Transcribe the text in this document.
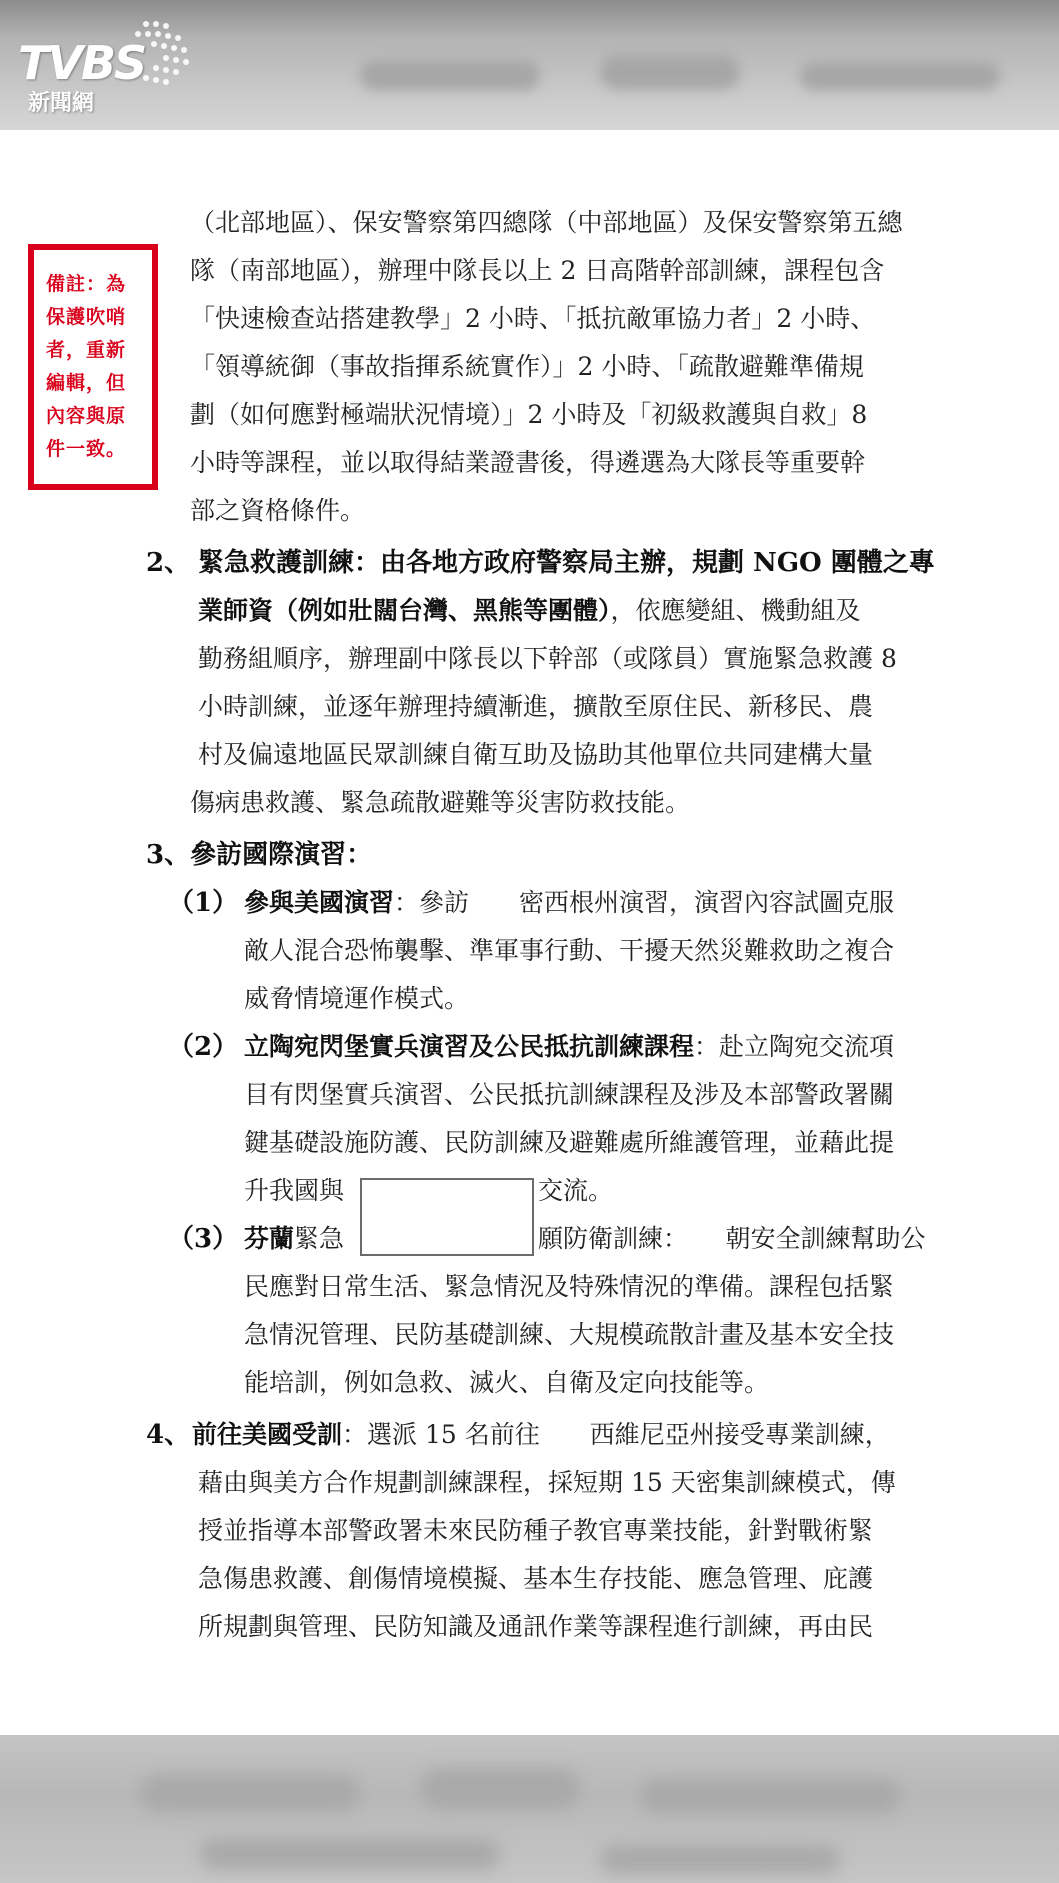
TVBS
新聞網
備註：為
保護吹哨
者，重新
編輯，但
內容與原
件一致。
（北部地區）、保安警察第四總隊（中部地區）及保安警察第五總
隊（南部地區），辦理中隊長以上 2 日高階幹部訓練，課程包含
「快速檢查站搭建教學」2 小時、「抵抗敵軍協力者」2 小時、
「領導統御（事故指揮系統實作）」2 小時、「疏散避難準備規
劃（如何應對極端狀況情境）」2 小時及「初級救護與自救」8
小時等課程，並以取得結業證書後，得遴選為大隊長等重要幹
部之資格條件。
2、 緊急救護訓練：由各地方政府警察局主辦，規劃 NGO 團體之專
業師資（例如壯闊台灣、黑熊等團體），依應變組、機動組及
勤務組順序，辦理副中隊長以下幹部（或隊員）實施緊急救護 8
小時訓練，並逐年辦理持續漸進，擴散至原住民、新移民、農
村及偏遠地區民眾訓練自衛互助及協助其他單位共同建構大量
傷病患救護、緊急疏散避難等災害防救技能。
3、參訪國際演習：
（1） 參與美國演習：參訪　　密西根州演習，演習內容試圖克服
敵人混合恐怖襲擊、準軍事行動、干擾天然災難救助之複合
威脅情境運作模式。
（2） 立陶宛閃堡實兵演習及公民抵抗訓練課程：赴立陶宛交流項
目有閃堡實兵演習、公民抵抗訓練課程及涉及本部警政署關
鍵基礎設施防護、民防訓練及避難處所維護管理，並藉此提
升我國與	交流。
（3） 芬蘭緊急	願防衛訓練：　　朝安全訓練幫助公
民應對日常生活、緊急情況及特殊情況的準備。課程包括緊
急情況管理、民防基礎訓練、大規模疏散計畫及基本安全技
能培訓，例如急救、滅火、自衛及定向技能等。
4、 前往美國受訓：選派 15 名前往　　西維尼亞州接受專業訓練，
藉由與美方合作規劃訓練課程，採短期 15 天密集訓練模式，傳
授並指導本部警政署未來民防種子教官專業技能，針對戰術緊
急傷患救護、創傷情境模擬、基本生存技能、應急管理、庇護
所規劃與管理、民防知識及通訊作業等課程進行訓練，再由民
